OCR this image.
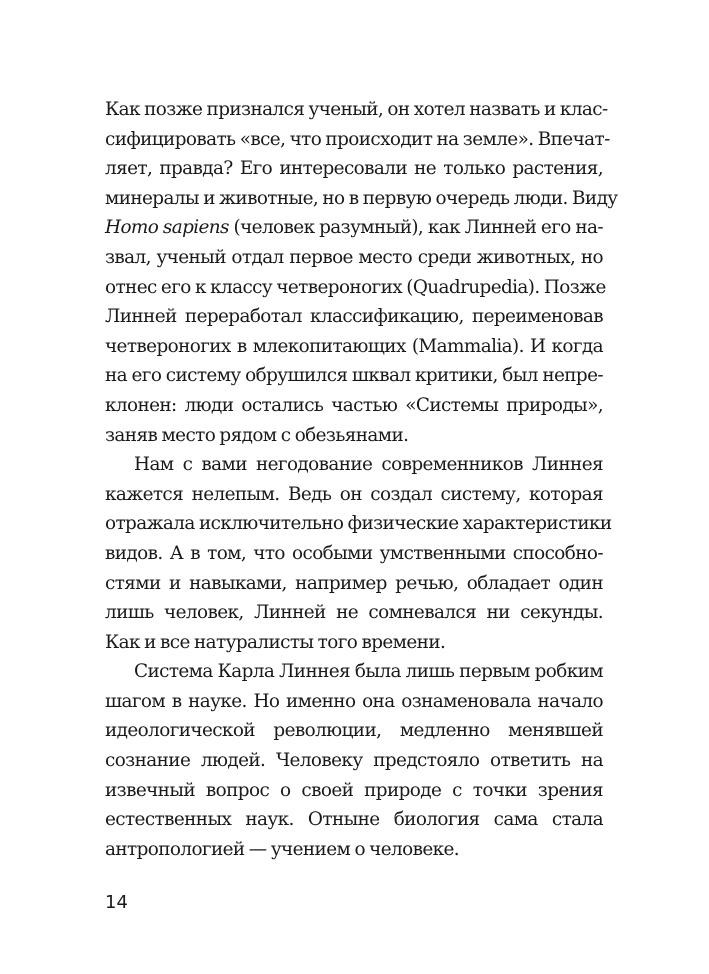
Как позже признался ученый, он хотел назвать и клас-
сифицировать «все, что происходит на земле». Впечат-
ляет, правда? Его интересовали не только растения,
минералы и животные, но в первую очередь люди. Виду
Homo sapiens (человек разумный), как Линней его на-
звал, ученый отдал первое место среди животных, но
отнес его к классу четвероногих (Quadrupedia). Позже
Линней переработал классификацию, переименовав
четвероногих в млекопитающих (Mammalia). И когда
на его систему обрушился шквал критики, был непре-
клонен: люди остались частью «Системы природы»,
заняв место рядом с обезьянами.
Нам с вами негодование современников Линнея
кажется нелепым. Ведь он создал систему, которая
отражала исключительно физические характеристики
видов. А в том, что особыми умственными способно-
стями и навыками, например речью, обладает один
лишь человек, Линней не сомневался ни секунды.
Как и все натуралисты того времени.
Система Карла Линнея была лишь первым робким
шагом в науке. Но именно она ознаменовала начало
идеологической революции, медленно менявшей
сознание людей. Человеку предстояло ответить на
извечный вопрос о своей природе с точки зрения
естественных наук. Отныне биология сама стала
антропологией — учением о человеке.
14
